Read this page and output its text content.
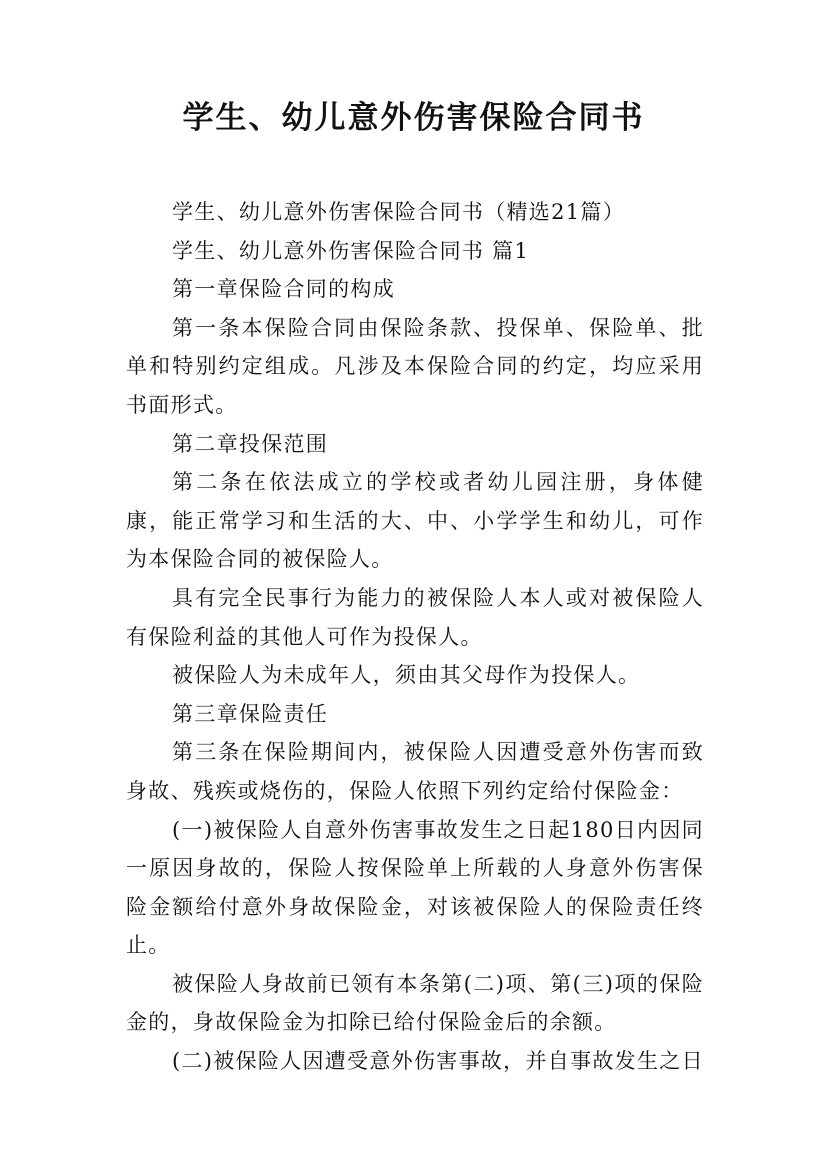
学生、幼儿意外伤害保险合同书

学生、幼儿意外伤害保险合同书（精选21篇）

学生、幼儿意外伤害保险合同书 篇1

第一章保险合同的构成

第一条本保险合同由保险条款、投保单、保险单、批单和特别约定组成。凡涉及本保险合同的约定，均应采用书面形式。

第二章投保范围

第二条在依法成立的学校或者幼儿园注册，身体健康，能正常学习和生活的大、中、小学学生和幼儿，可作为本保险合同的被保险人。

具有完全民事行为能力的被保险人本人或对被保险人有保险利益的其他人可作为投保人。

被保险人为未成年人，须由其父母作为投保人。

第三章保险责任

第三条在保险期间内，被保险人因遭受意外伤害而致身故、残疾或烧伤的，保险人依照下列约定给付保险金：

(一)被保险人自意外伤害事故发生之日起180日内因同一原因身故的，保险人按保险单上所载的人身意外伤害保险金额给付意外身故保险金，对该被保险人的保险责任终止。

被保险人身故前已领有本条第(二)项、第(三)项的保险金的，身故保险金为扣除已给付保险金后的余额。

(二)被保险人因遭受意外伤害事故，并自事故发生之日
